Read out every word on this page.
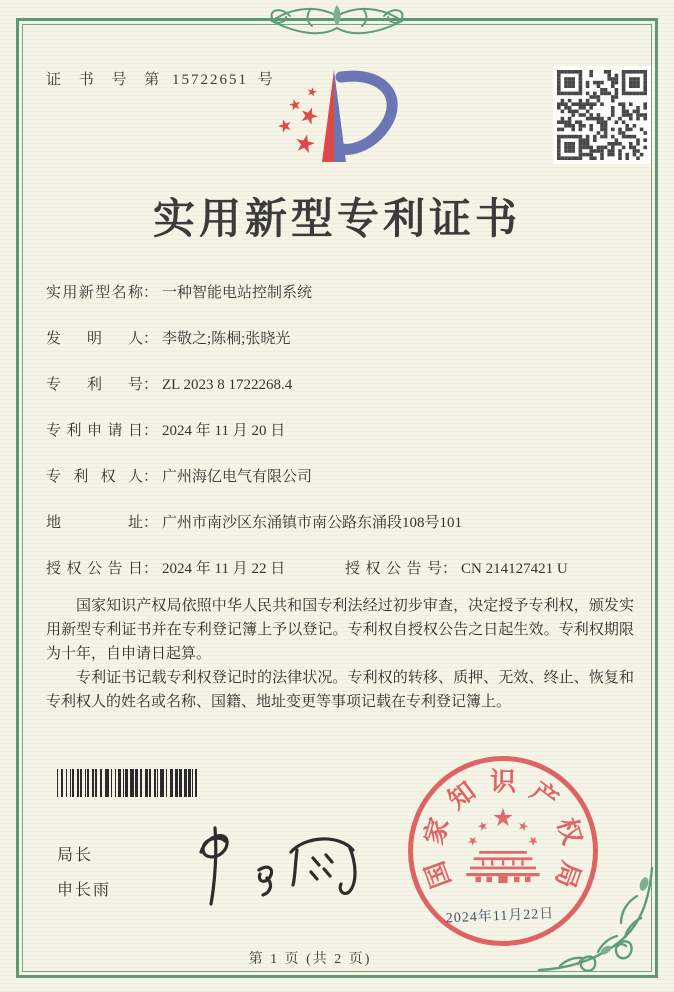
证 书 号 第 15722651 号
实用新型专利证书
实用新型名称： 一种智能电站控制系统
发明人： 李敬之;陈桐;张晓光
专利号： ZL 2023 8 1722268.4
专利申请日： 2024 年 11 月 20 日
专利权人： 广州海亿电气有限公司
地址： 广州市南沙区东涌镇市南公路东涌段108号101
授权公告日： 2024 年 11 月 22 日	授权公告号： CN 214127421 U

国家知识产权局依照中华人民共和国专利法经过初步审查，决定授予专利权，颁发实用新型专利证书并在专利登记簿上予以登记。专利权自授权公告之日起生效。专利权期限为十年，自申请日起算。

专利证书记载专利权登记时的法律状况。专利权的转移、质押、无效、终止、恢复和专利权人的姓名或名称、国籍、地址变更等事项记载在专利登记簿上。

局长
申长雨	国
家
知 识 产
权
局
2024年11月22日
第 1 页 (共 2 页)
